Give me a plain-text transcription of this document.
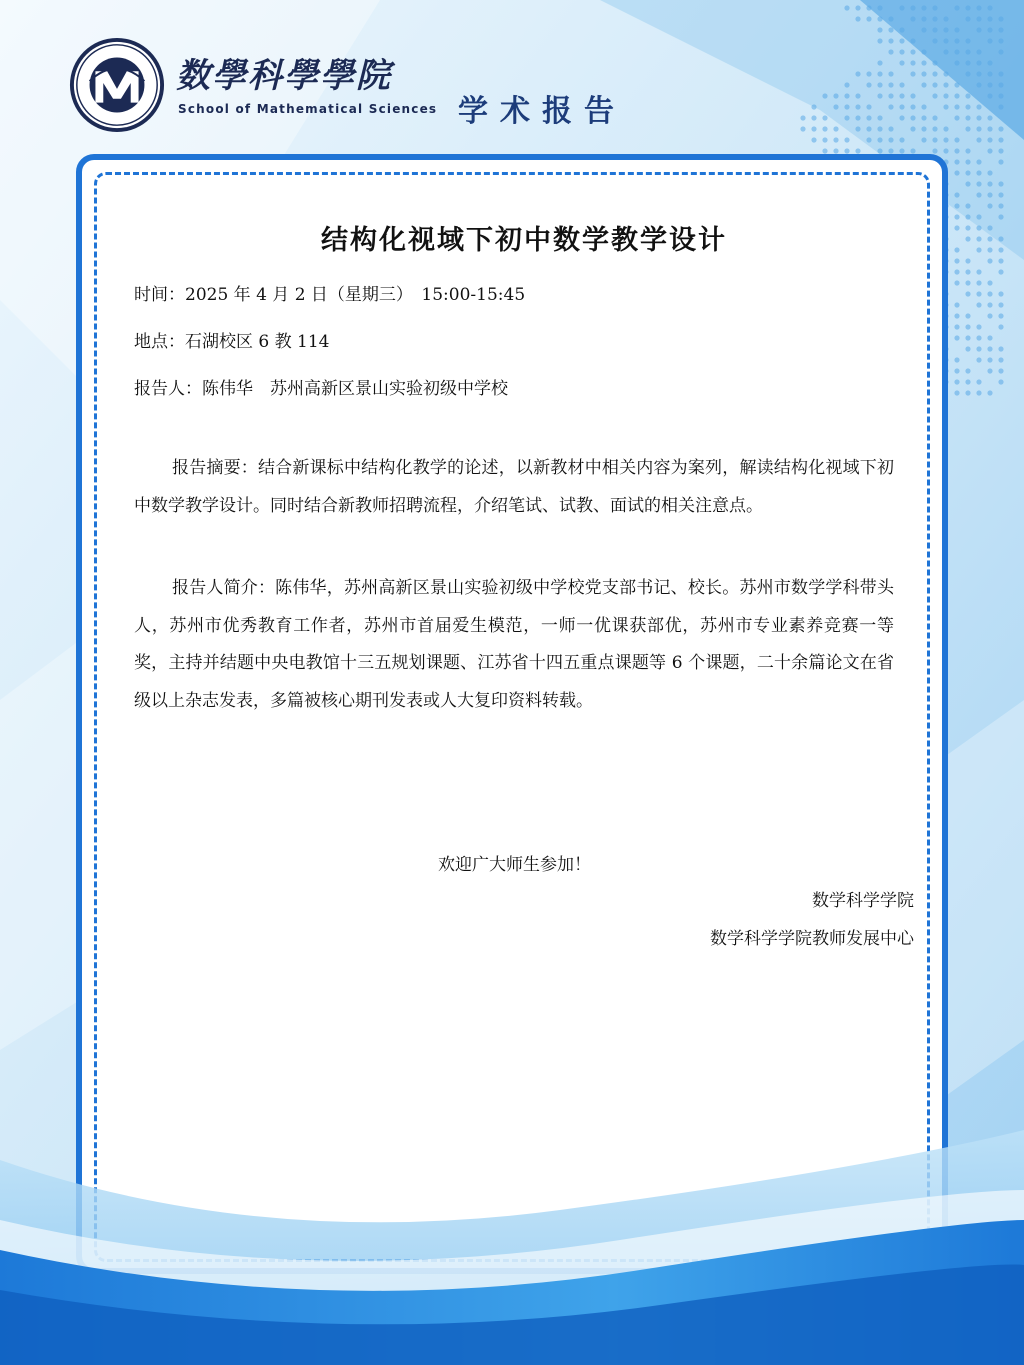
数學科學學院
School of Mathematical Sciences 学术报告
结构化视域下初中数学教学设计
时间：2025 年 4 月 2 日（星期三）　15:00-15:45
地点：石湖校区 6 教 114
报告人：陈伟华　苏州高新区景山实验初级中学校
报告摘要：结合新课标中结构化教学的论述，以新教材中相关内容为案列，解读结构化视域下初中数学教学设计。同时结合新教师招聘流程，介绍笔试、试教、面试的相关注意点。
报告人简介：陈伟华，苏州高新区景山实验初级中学校党支部书记、校长。苏州市数学学科带头人，苏州市优秀教育工作者，苏州市首届爱生模范，一师一优课获部优，苏州市专业素养竞赛一等奖，主持并结题中央电教馆十三五规划课题、江苏省十四五重点课题等 6 个课题，二十余篇论文在省级以上杂志发表，多篇被核心期刊发表或人大复印资料转载。
欢迎广大师生参加！
数学科学学院
数学科学学院教师发展中心
